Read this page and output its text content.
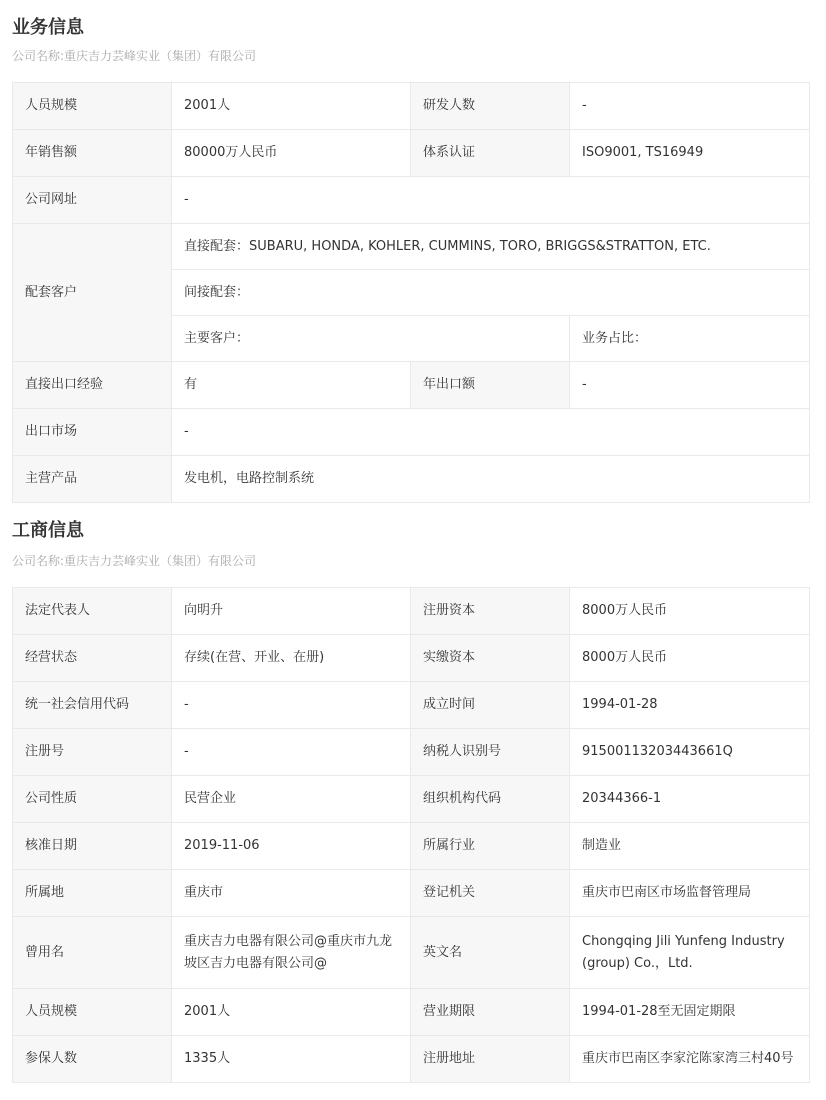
业务信息
公司名称:重庆吉力芸峰实业（集团）有限公司
人员规模	2001人	研发人数	-
年销售额	80000万人民币	体系认证	ISO9001, TS16949
公司网址	-		
配套客户	直接配套 ： SUBARU, HONDA, KOHLER, CUMMINS, TORO, BRIGGS&STRATTON, ETC.
	间接配套 ：
	主要客户 ：		业务占比 ：
直接出口经验	有	年出口额	-
出口市场	-		
主营产品	发电机，电路控制系统		
工商信息
公司名称:重庆吉力芸峰实业（集团）有限公司
法定代表人	向明升	注册资本	8000万人民币
经营状态	存续(在营、开业、在册)	实缴资本	8000万人民币
统一社会信用代码	-	成立时间	1994-01-28
注册号	-	纳税人识别号	91500113203443661Q
公司性质	民营企业	组织机构代码	20344366-1
核准日期	2019-11-06	所属行业	制造业
所属地	重庆市	登记机关	重庆市巴南区市场监督管理局
曾用名	重庆吉力电器有限公司@重庆市九龙坡区吉力电器有限公司@	英文名	Chongqing Jili Yunfeng Industry(group) Co.，Ltd.
人员规模	2001人	营业期限	1994-01-28至无固定期限
参保人数	1335人	注册地址	重庆市巴南区李家沱陈家湾三村40号
